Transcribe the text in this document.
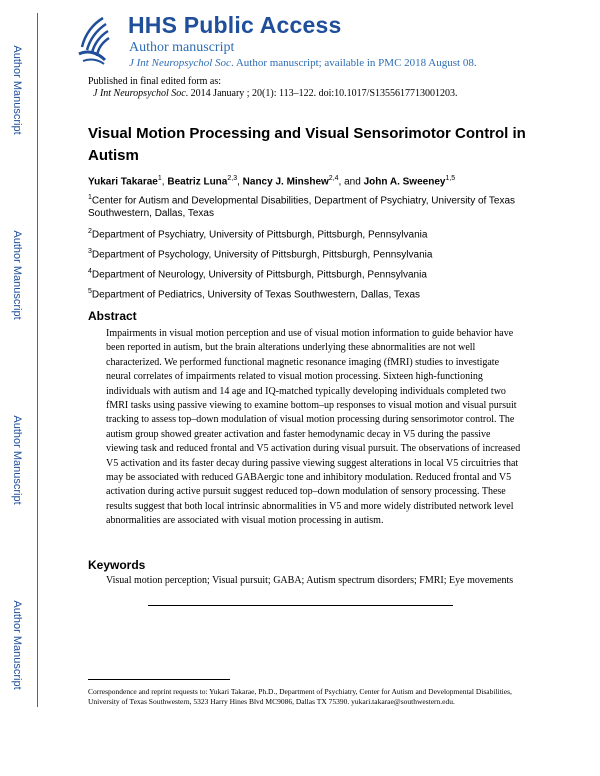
Author Manuscript
Author Manuscript
Author Manuscript
Author Manuscript
HHS Public Access
Author manuscript
J Int Neuropsychol Soc. Author manuscript; available in PMC 2018 August 08.
Published in final edited form as:
J Int Neuropsychol Soc. 2014 January ; 20(1): 113–122. doi:10.1017/S1355617713001203.
Visual Motion Processing and Visual Sensorimotor Control in Autism
Yukari Takarae$^1$, Beatriz Luna$^{2,3}$, Nancy J. Minshew$^{2,4}$, and John A. Sweeney$^{1,5}$
$^1$Center for Autism and Developmental Disabilities, Department of Psychiatry, University of Texas Southwestern, Dallas, Texas
$^2$Department of Psychiatry, University of Pittsburgh, Pittsburgh, Pennsylvania
$^3$Department of Psychology, University of Pittsburgh, Pittsburgh, Pennsylvania
$^4$Department of Neurology, University of Pittsburgh, Pittsburgh, Pennsylvania
$^5$Department of Pediatrics, University of Texas Southwestern, Dallas, Texas
Abstract
Impairments in visual motion perception and use of visual motion information to guide behavior have been reported in autism, but the brain alterations underlying these abnormalities are not well characterized. We performed functional magnetic resonance imaging (fMRI) studies to investigate neural correlates of impairments related to visual motion processing. Sixteen high-functioning individuals with autism and 14 age and IQ-matched typically developing individuals completed two fMRI tasks using passive viewing to examine bottom–up responses to visual motion and visual pursuit tracking to assess top–down modulation of visual motion processing during sensorimotor control. The autism group showed greater activation and faster hemodynamic decay in V5 during the passive viewing task and reduced frontal and V5 activation during visual pursuit. The observations of increased V5 activation and its faster decay during passive viewing suggest alterations in local V5 circuitries that may be associated with reduced GABAergic tone and inhibitory modulation. Reduced frontal and V5 activation during active pursuit suggest reduced top–down modulation of sensory processing. These results suggest that both local intrinsic abnormalities in V5 and more widely distributed network level abnormalities are associated with visual motion processing in autism.
Keywords
Visual motion perception; Visual pursuit; GABA; Autism spectrum disorders; FMRI; Eye movements
Correspondence and reprint requests to: Yukari Takarae, Ph.D., Department of Psychiatry, Center for Autism and Developmental Disabilities, University of Texas Southwestern, 5323 Harry Hines Blvd MC9086, Dallas TX 75390. yukari.takarae@southwestern.edu.
